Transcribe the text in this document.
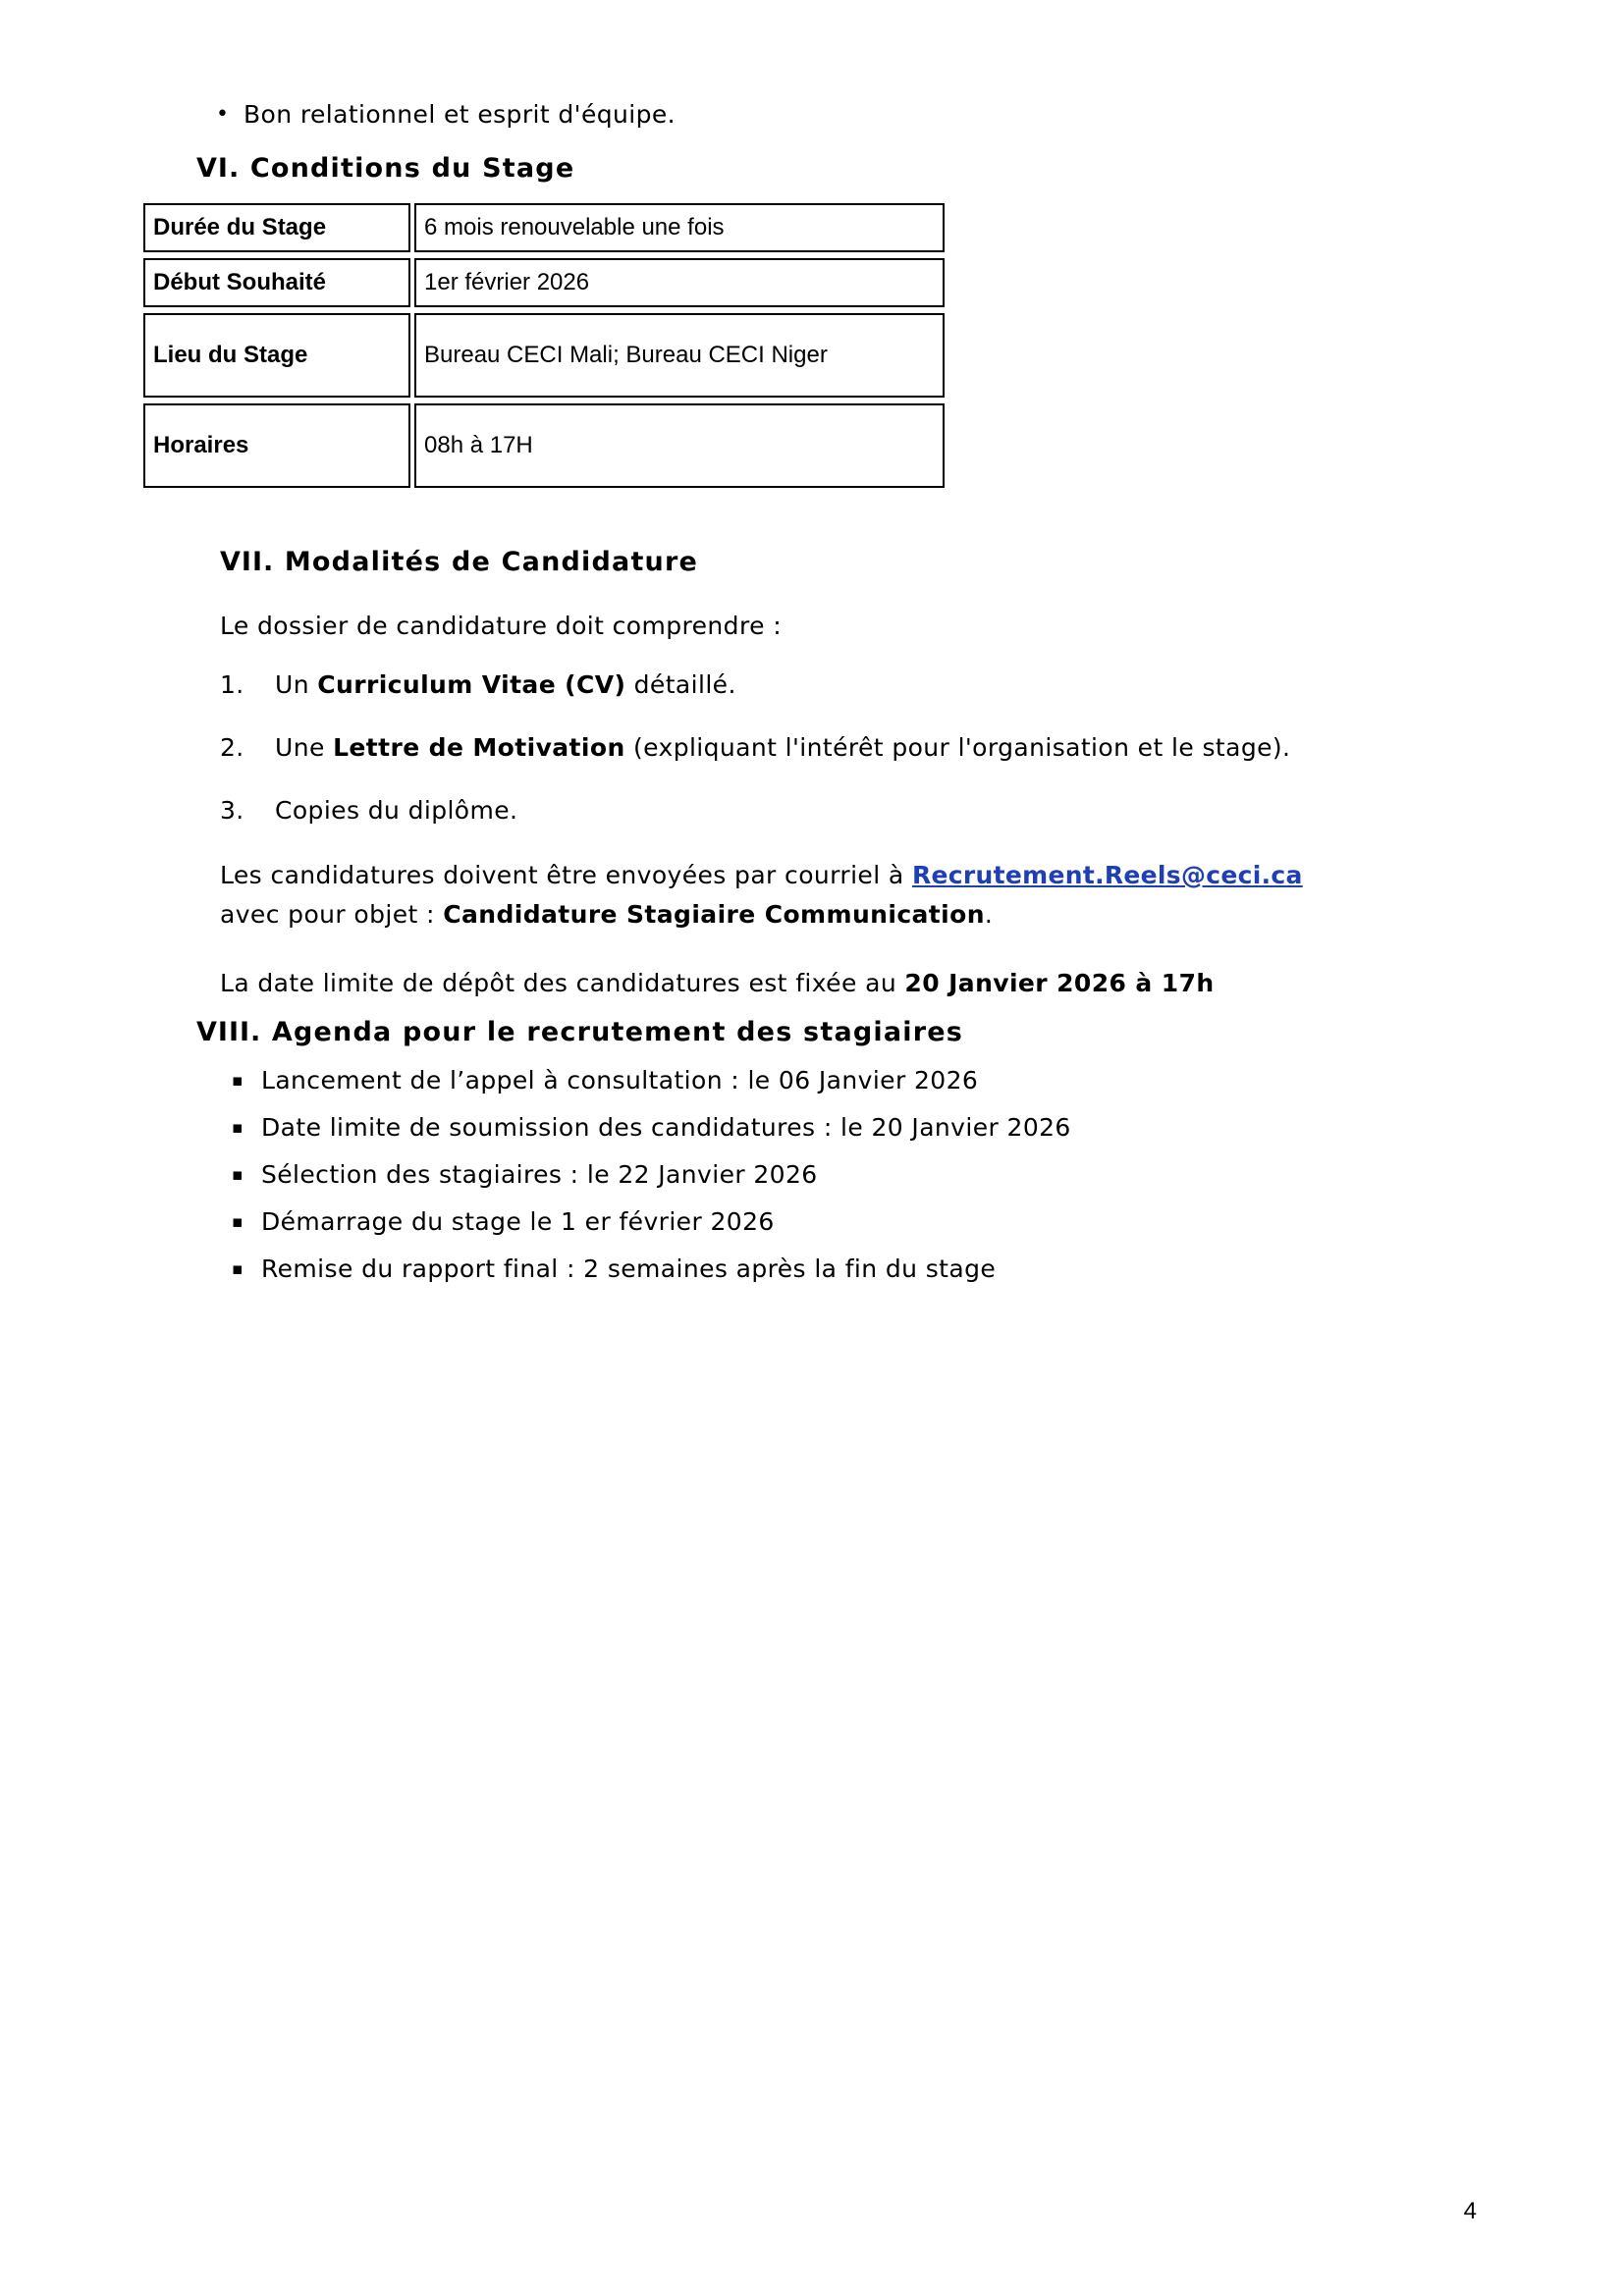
• Bon relationnel et esprit d'équipe.
VI. Conditions du Stage
Durée du Stage	6 mois renouvelable une fois
Début Souhaité	1er février 2026
Lieu du Stage	Bureau CECI Mali; Bureau CECI Niger
Horaires	08h à 17H
VII. Modalités de Candidature

Le dossier de candidature doit comprendre :

1.	Un Curriculum Vitae (CV) détaillé.
2.	Une Lettre de Motivation (expliquant l'intérêt pour l'organisation et le stage).
3.	Copies du diplôme.

Les candidatures doivent être envoyées par courriel à Recrutement.Reels@ceci.ca avec pour objet : Candidature Stagiaire Communication.

La date limite de dépôt des candidatures est fixée au 20 Janvier 2026 à 17h

VIII. Agenda pour le recrutement des stagiaires
▪ Lancement de l’appel à consultation : le 06 Janvier 2026
▪ Date limite de soumission des candidatures : le 20 Janvier 2026
▪ Sélection des stagiaires : le 22 Janvier 2026
▪ Démarrage du stage le 1 er février 2026
▪ Remise du rapport final : 2 semaines après la fin du stage
4
